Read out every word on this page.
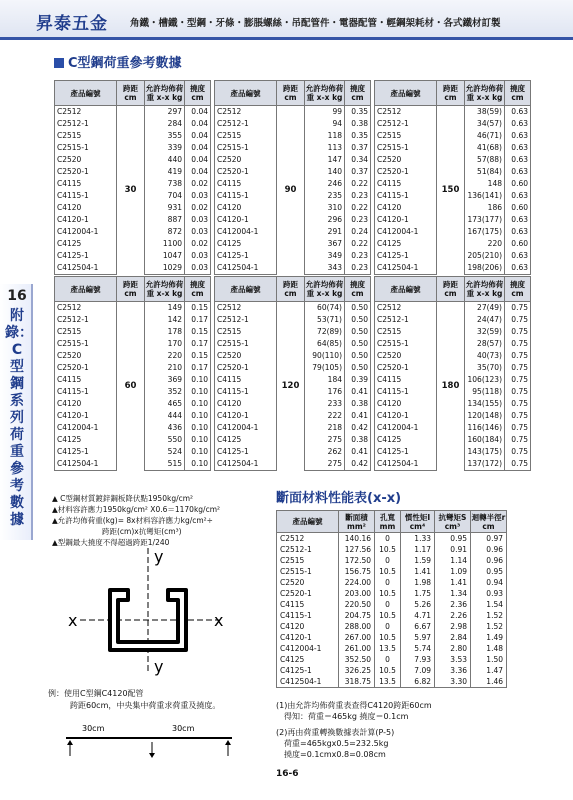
昇泰五金 角鐵・槽鐵・型鋼・牙條・膨脹螺絲・吊配管件・電器配管・輕鋼架耗材・各式鐵材訂製
C型鋼荷重參考數據
16
附錄：C型鋼系列荷重參考數據
產品編號	跨距 cm	允許均佈荷重 x-x kg	撓度 cm
C2512	30	297	0.04
C2512-1		284	0.04
C2515		355	0.04
C2515-1		339	0.04
C2520		440	0.04
C2520-1		419	0.04
C4115		738	0.02
C4115-1		704	0.03
C4120		931	0.02
C4120-1		887	0.03
C412004-1		872	0.03
C4125		1100	0.02
C4125-1		1047	0.03
C412504-1		1029	0.03
產品編號	跨距 cm	允許均佈荷重 x-x kg	撓度 cm
C2512	90	99	0.35
C2512-1		94	0.38
C2515		118	0.35
C2515-1		113	0.37
C2520		147	0.34
C2520-1		140	0.37
C4115		246	0.22
C4115-1		235	0.23
C4120		310	0.22
C4120-1		296	0.23
C412004-1		291	0.24
C4125		367	0.22
C4125-1		349	0.23
C412504-1		343	0.23
產品編號	跨距 cm	允許均佈荷重 x-x kg	撓度 cm
C2512	150	38(59)	0.63
C2512-1		34(57)	0.63
C2515		46(71)	0.63
C2515-1		41(68)	0.63
C2520		57(88)	0.63
C2520-1		51(84)	0.63
C4115		148	0.60
C4115-1		136(141)	0.63
C4120		186	0.60
C4120-1		173(177)	0.63
C412004-1		167(175)	0.63
C4125		220	0.60
C4125-1		205(210)	0.63
C412504-1		198(206)	0.63
產品編號	跨距 cm	允許均佈荷重 x-x kg	撓度 cm
C2512	60	149	0.15
C2512-1		142	0.17
C2515		178	0.15
C2515-1		170	0.17
C2520		220	0.15
C2520-1		210	0.17
C4115		369	0.10
C4115-1		352	0.10
C4120		465	0.10
C4120-1		444	0.10
C412004-1		436	0.10
C4125		550	0.10
C4125-1		524	0.10
C412504-1		515	0.10
產品編號	跨距 cm	允許均佈荷重 x-x kg	撓度 cm
C2512	120	60(74)	0.50
C2512-1		53(71)	0.50
C2515		72(89)	0.50
C2515-1		64(85)	0.50
C2520		90(110)	0.50
C2520-1		79(105)	0.50
C4115		184	0.39
C4115-1		176	0.41
C4120		233	0.38
C4120-1		222	0.41
C412004-1		218	0.42
C4125		275	0.38
C4125-1		262	0.41
C412504-1		275	0.42
產品編號	跨距 cm	允許均佈荷重 x-x kg	撓度 cm
C2512	180	27(49)	0.75
C2512-1		24(47)	0.75
C2515		32(59)	0.75
C2515-1		28(57)	0.75
C2520		40(73)	0.75
C2520-1		35(70)	0.75
C4115		106(123)	0.75
C4115-1		95(118)	0.75
C4120		134(155)	0.75
C4120-1		120(148)	0.75
C412004-1		116(146)	0.75
C4125		160(184)	0.75
C4125-1		143(175)	0.75
C412504-1		137(172)	0.75
▲ C型鋼材質鍍鋅鋼板降伏點1950kg/cm²
▲材料容許應力1950kg/cm² X0.6＝1170kg/cm²
▲允許均佈荷重(kg)= 8x材料容許應力kg/cm²÷
跨距(cm)x抗彎矩(cm³)
▲型鋼最大撓度不得超過跨距1/240
y
y
x	x
例：使用C型鋼C4120配管
跨距60cm，中央集中荷重求荷重及撓度。
30cm	30cm
斷面材料性能表(x-x)
產品編號	斷面積 mm²	孔寬 mm	慣性矩I cm⁴	抗彎矩S cm³	迴轉半徑r cm
C2512	140.16	0	1.33	0.95	0.97
C2512-1	127.56	10.5	1.17	0.91	0.96
C2515	172.50	0	1.59	1.14	0.96
C2515-1	156.75	10.5	1.41	1.09	0.95
C2520	224.00	0	1.98	1.41	0.94
C2520-1	203.00	10.5	1.75	1.34	0.93
C4115	220.50	0	5.26	2.36	1.54
C4115-1	204.75	10.5	4.71	2.26	1.52
C4120	288.00	0	6.67	2.98	1.52
C4120-1	267.00	10.5	5.97	2.84	1.49
C412004-1	261.00	13.5	5.74	2.80	1.48
C4125	352.50	0	7.93	3.53	1.50
C4125-1	326.25	10.5	7.09	3.36	1.47
C412504-1	318.75	13.5	6.82	3.30	1.46
(1)由允許均佈荷重表查得C4120跨距60cm
　得知：荷重＝465kg 撓度＝0.1cm
(2)再由荷重轉換數據表計算(P-5)
　荷重=465kgx0.5=232.5kg
　撓度=0.1cmx0.8=0.08cm
16-6
